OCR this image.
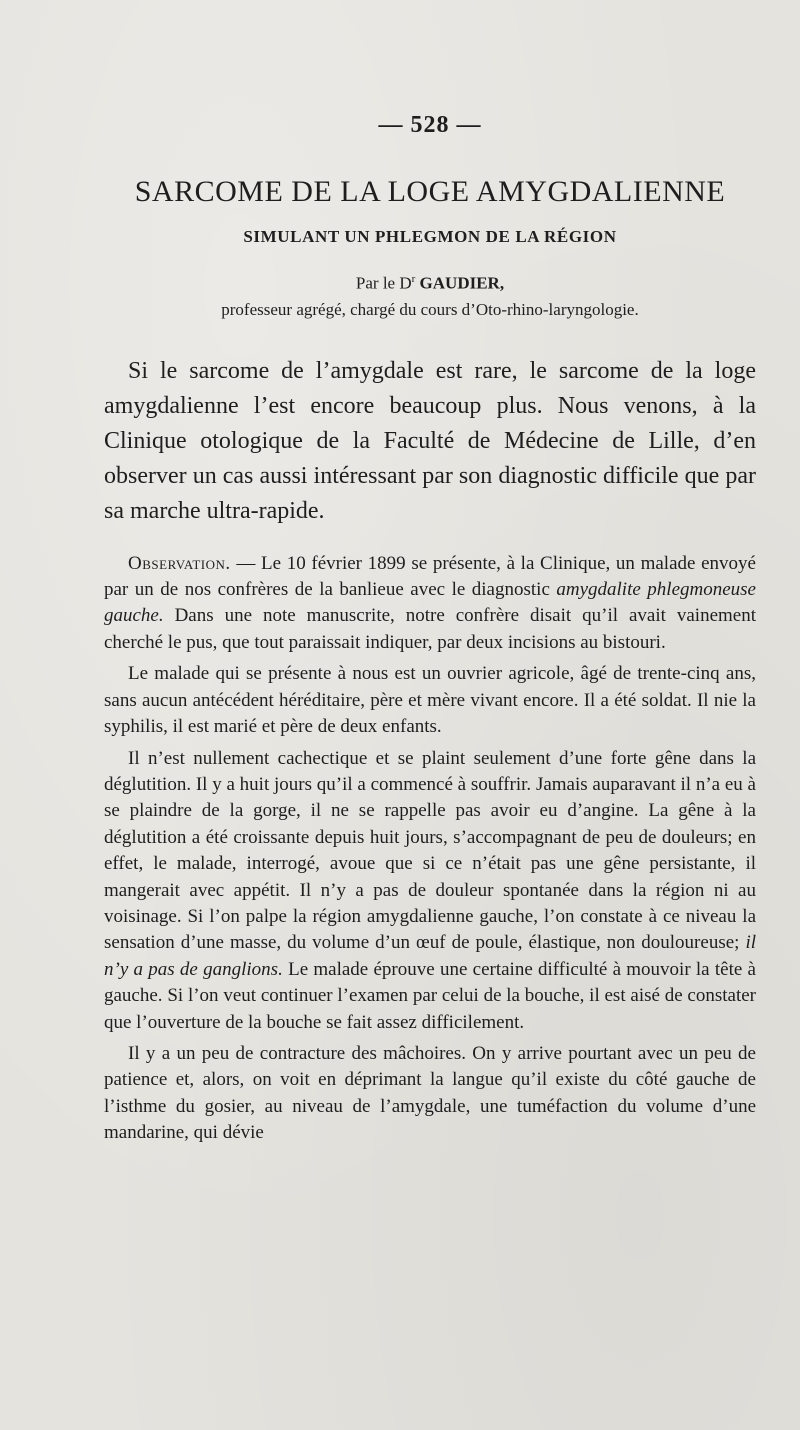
— 528 —
SARCOME DE LA LOGE AMYGDALIENNE
SIMULANT UN PHLEGMON DE LA RÉGION
Par le $D^r$ GAUDIER,
professeur agrégé, chargé du cours d’Oto-rhino-laryngologie.

Si le sarcome de l’amygdale est rare, le sarcome de la loge amygdalienne l’est encore beaucoup plus. Nous venons, à la Clinique otologique de la Faculté de Médecine de Lille, d’en observer un cas aussi intéressant par son diagnostic difficile que par sa marche ultra-rapide.

Observation. — Le 10 février 1899 se présente, à la Clinique, un malade envoyé par un de nos confrères de la banlieue avec le diagnostic amygdalite phlegmoneuse gauche. Dans une note manuscrite, notre confrère disait qu’il avait vainement cherché le pus, que tout paraissait indiquer, par deux incisions au bistouri.

Le malade qui se présente à nous est un ouvrier agricole, âgé de trente-cinq ans, sans aucun antécédent héréditaire, père et mère vivant encore. Il a été soldat. Il nie la syphilis, il est marié et père de deux enfants.

Il n’est nullement cachectique et se plaint seulement d’une forte gêne dans la déglutition. Il y a huit jours qu’il a commencé à souffrir. Jamais auparavant il n’a eu à se plaindre de la gorge, il ne se rappelle pas avoir eu d’angine. La gêne à la déglutition a été croissante depuis huit jours, s’accompagnant de peu de douleurs; en effet, le malade, interrogé, avoue que si ce n’était pas une gêne persistante, il mangerait avec appétit. Il n’y a pas de douleur spontanée dans la région ni au voisinage. Si l’on palpe la région amygdalienne gauche, l’on constate à ce niveau la sensation d’une masse, du volume d’un œuf de poule, élastique, non douloureuse; il n’y a pas de ganglions. Le malade éprouve une certaine difficulté à mouvoir la tête à gauche. Si l’on veut continuer l’examen par celui de la bouche, il est aisé de constater que l’ouverture de la bouche se fait assez difficilement.

Il y a un peu de contracture des mâchoires. On y arrive pourtant avec un peu de patience et, alors, on voit en déprimant la langue qu’il existe du côté gauche de l’isthme du gosier, au niveau de l’amygdale, une tuméfaction du volume d’une mandarine, qui dévie
